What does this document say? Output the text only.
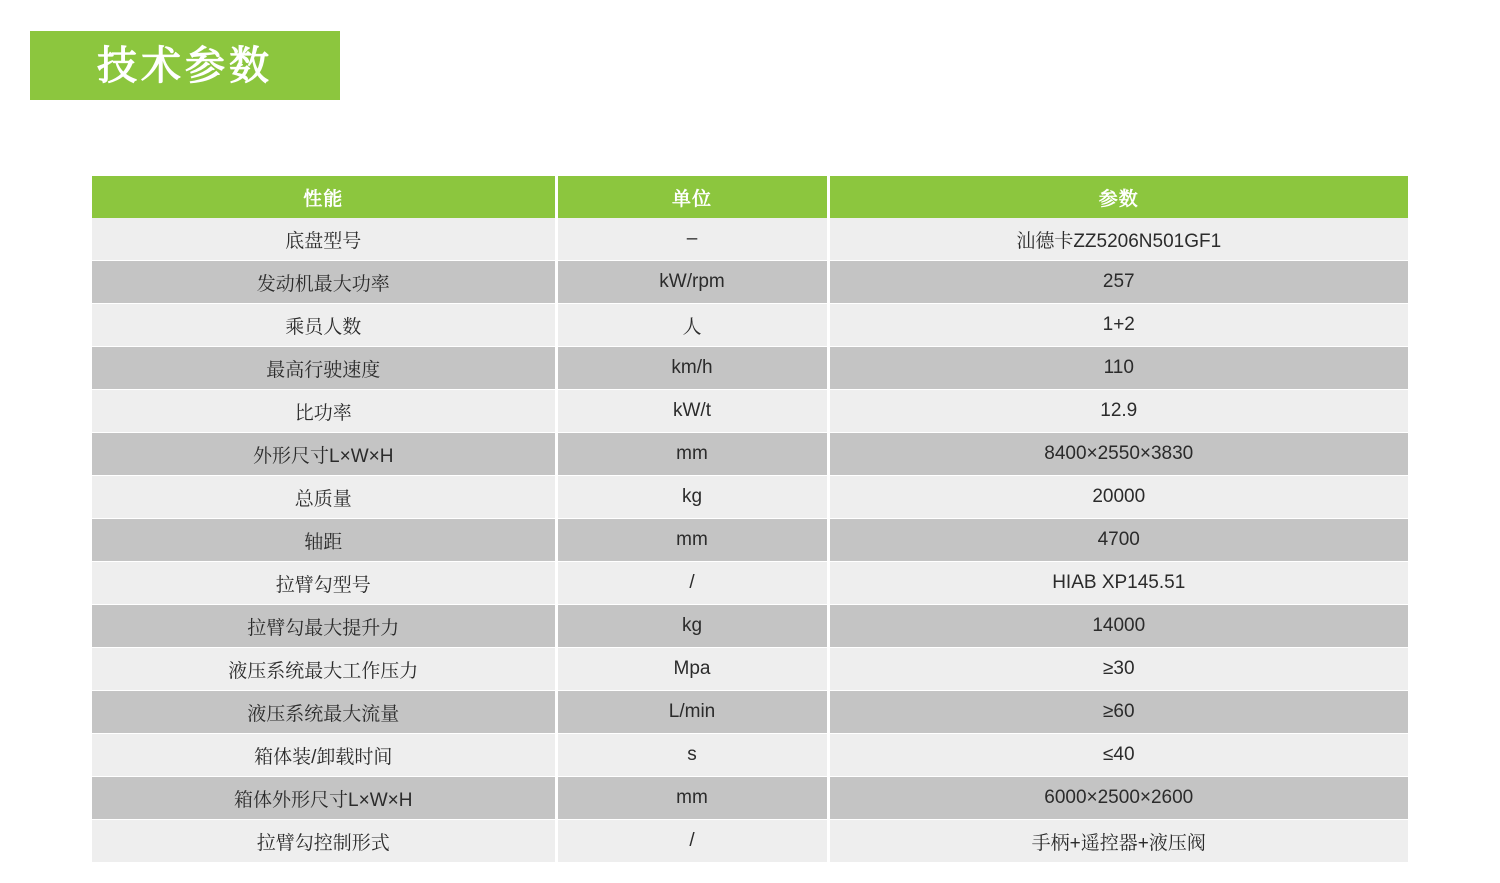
技术参数
性能	单位	参数
底盘型号	–	汕德卡ZZ5206N501GF1
发动机最大功率	kW/rpm	257
乘员人数	人	1+2
最高行驶速度	km/h	110
比功率	kW/t	12.9
外形尺寸L×W×H	mm	8400×2550×3830
总质量	kg	20000
轴距	mm	4700
拉臂勾型号	/	HIAB XP145.51
拉臂勾最大提升力	kg	14000
液压系统最大工作压力	Mpa	≥30
液压系统最大流量	L/min	≥60
箱体装/卸载时间	s	≤40
箱体外形尺寸L×W×H	mm	6000×2500×2600
拉臂勾控制形式	/	手柄+遥控器+液压阀
